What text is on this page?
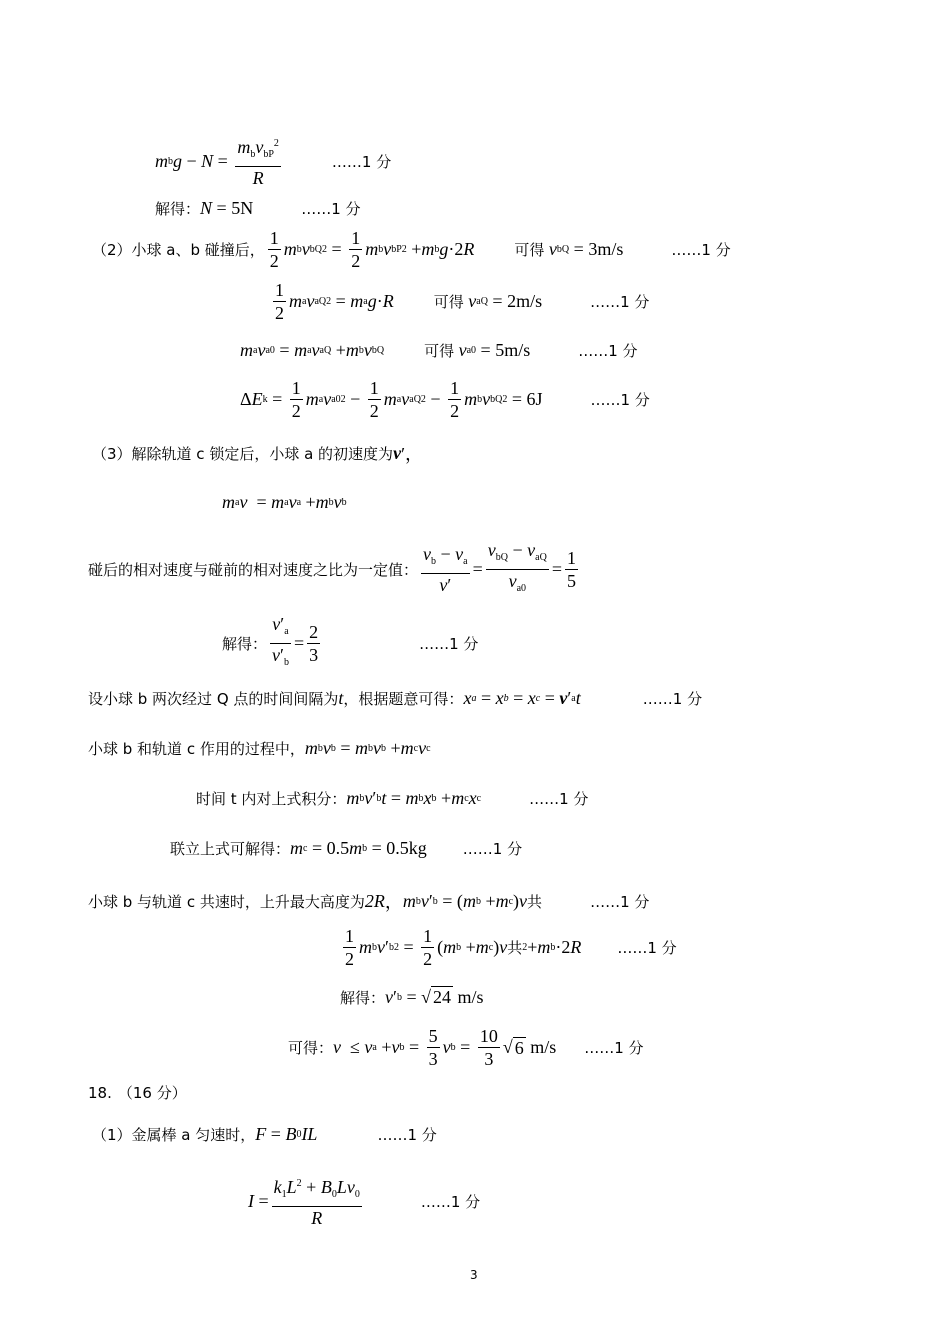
m b $g - N = \frac{m_bv_{bP}^2}{R}$	……1 分
解得： N = 5N	……1 分
（2）小球 a、b 碰撞后， $\frac{1}{2}$ m b v bQ $2 = \frac{1}{2}$ m b v bP 2 + m b g ·2 R	可得
v bQ = 3m/s	……1 分
$\frac{1}{2}$ m a v aQ 2 = m a g · R	可得
v aQ = 2m/s	……1 分
m a v a0 = m a v aQ + m b v bQ	可得
v a0 = 5m/s	……1 分
Δ E $k = \frac{1}{2}$ m a v a0 $2 - \frac{1}{2}$ m a v aQ $2 - \frac{1}{2}$ m b v bQ 2 = 6J	……1 分
（3）解除轨道 c 锁定后，小球 a 的初速度为 v ′，
m a v = m a v a + m b v b
碰后的相对速度与碰前的相对速度之比为一定值： $\frac{v_b - v_a}{v'} = \frac{v_{bQ} - v_{aQ}}{v_{a0}} = \frac{1}{5}$
解得： $\frac{v'_a}{v'_b} = \frac{2}{3}$	……1 分
设小球 b 两次经过 Q 点的时间间隔为 t ，根据题意可得： x a = x b = x c = v ′ a t	……1 分
小球 b 和轨道 c 作用的过程中， m b v b = m b v b + m c v c
时间 t 内对上式积分： m b v ′ b t = m b x b + m c x c	……1 分
联立上式可解得： m c = 0.5 m b = 0.5kg ……1 分
小球 b 与轨道 c 共速时，上升最大高度为 2R ， m b v ′ b = ( m b + m c ) v 共	……1 分
$\frac{1}{2}$ m b v ′ b $2 = \frac{1}{2}$ ( m b + m c ) v 共 2 + m b ·2 R ……1 分
解得： v ′ b = √ 24
m/s
可得： v ≤ v a + v $b = \frac{5}{3}$ v $b = \frac{10}{3}$ √ 6
m/s ……1 分
18. （16 分）
（1）金属棒 a 匀速时， F = B 0 IL	……1 分
$I = \frac{k_1L^2 + B_0Lv_0}{R}$	……1 分
3
